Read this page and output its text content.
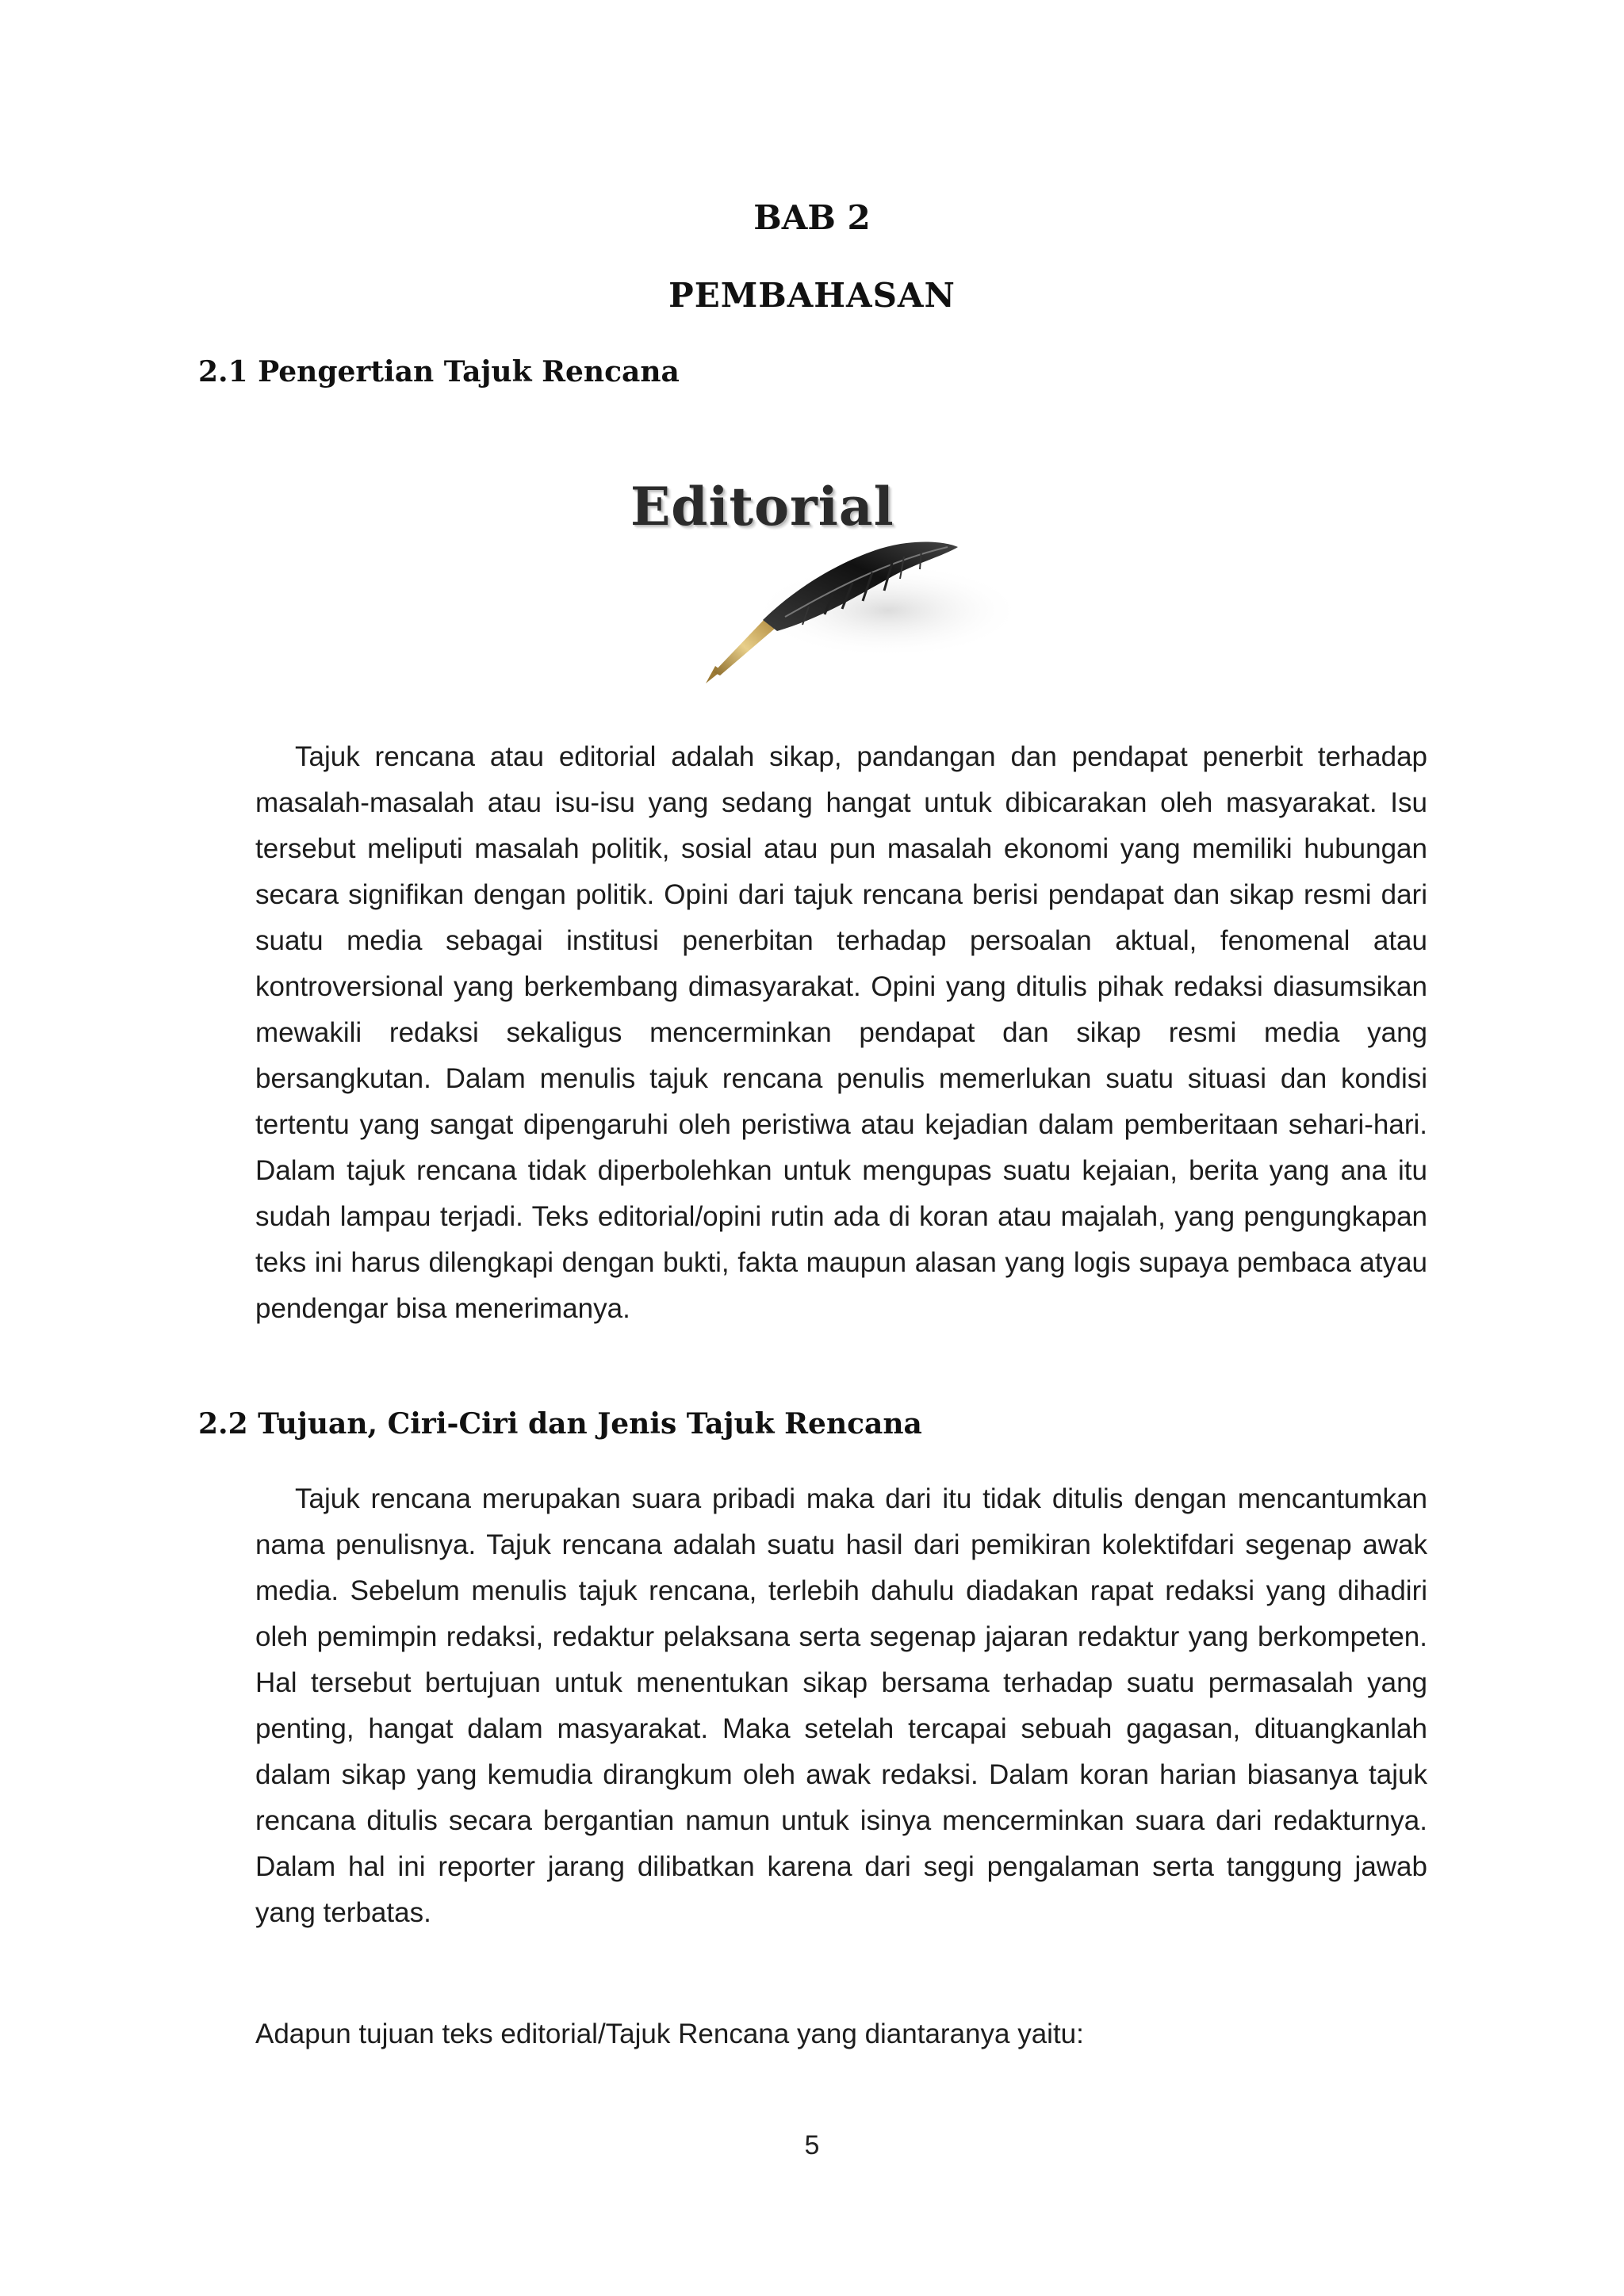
BAB 2
PEMBAHASAN
2.1 Pengertian Tajuk Rencana
Editorial

Tajuk rencana atau editorial adalah sikap, pandangan dan pendapat penerbit terhadap masalah-masalah atau isu-isu yang sedang hangat untuk dibicarakan oleh masyarakat. Isu tersebut meliputi masalah politik, sosial atau pun masalah ekonomi yang memiliki hubungan secara signifikan dengan politik. Opini dari tajuk rencana berisi pendapat dan sikap resmi dari suatu media sebagai institusi penerbitan terhadap persoalan aktual, fenomenal atau kontroversional yang berkembang dimasyarakat. Opini yang ditulis pihak redaksi diasumsikan mewakili redaksi sekaligus mencerminkan pendapat dan sikap resmi media yang bersangkutan. Dalam menulis tajuk rencana penulis memerlukan suatu situasi dan kondisi tertentu yang sangat dipengaruhi oleh peristiwa atau kejadian dalam pemberitaan sehari-hari. Dalam tajuk rencana tidak diperbolehkan untuk mengupas suatu kejaian, berita yang ana itu sudah lampau terjadi. Teks editorial/opini rutin ada di koran atau majalah, yang pengungkapan teks ini harus dilengkapi dengan bukti, fakta maupun alasan yang logis supaya pembaca atyau pendengar bisa menerimanya.

2.2 Tujuan, Ciri-Ciri dan Jenis Tajuk Rencana

Tajuk rencana merupakan suara pribadi maka dari itu tidak ditulis dengan mencantumkan nama penulisnya. Tajuk rencana adalah suatu hasil dari pemikiran kolektifdari segenap awak media. Sebelum menulis tajuk rencana, terlebih dahulu diadakan rapat redaksi yang dihadiri oleh pemimpin redaksi, redaktur pelaksana serta segenap jajaran redaktur yang berkompeten. Hal tersebut bertujuan untuk menentukan sikap bersama terhadap suatu permasalah yang penting, hangat dalam masyarakat. Maka setelah tercapai sebuah gagasan, dituangkanlah dalam sikap yang kemudia dirangkum oleh awak redaksi. Dalam koran harian biasanya tajuk rencana ditulis secara bergantian namun untuk isinya mencerminkan suara dari redakturnya. Dalam hal ini reporter jarang dilibatkan karena dari segi pengalaman serta tanggung jawab yang terbatas.

Adapun tujuan teks editorial/Tajuk Rencana yang diantaranya yaitu:

5
